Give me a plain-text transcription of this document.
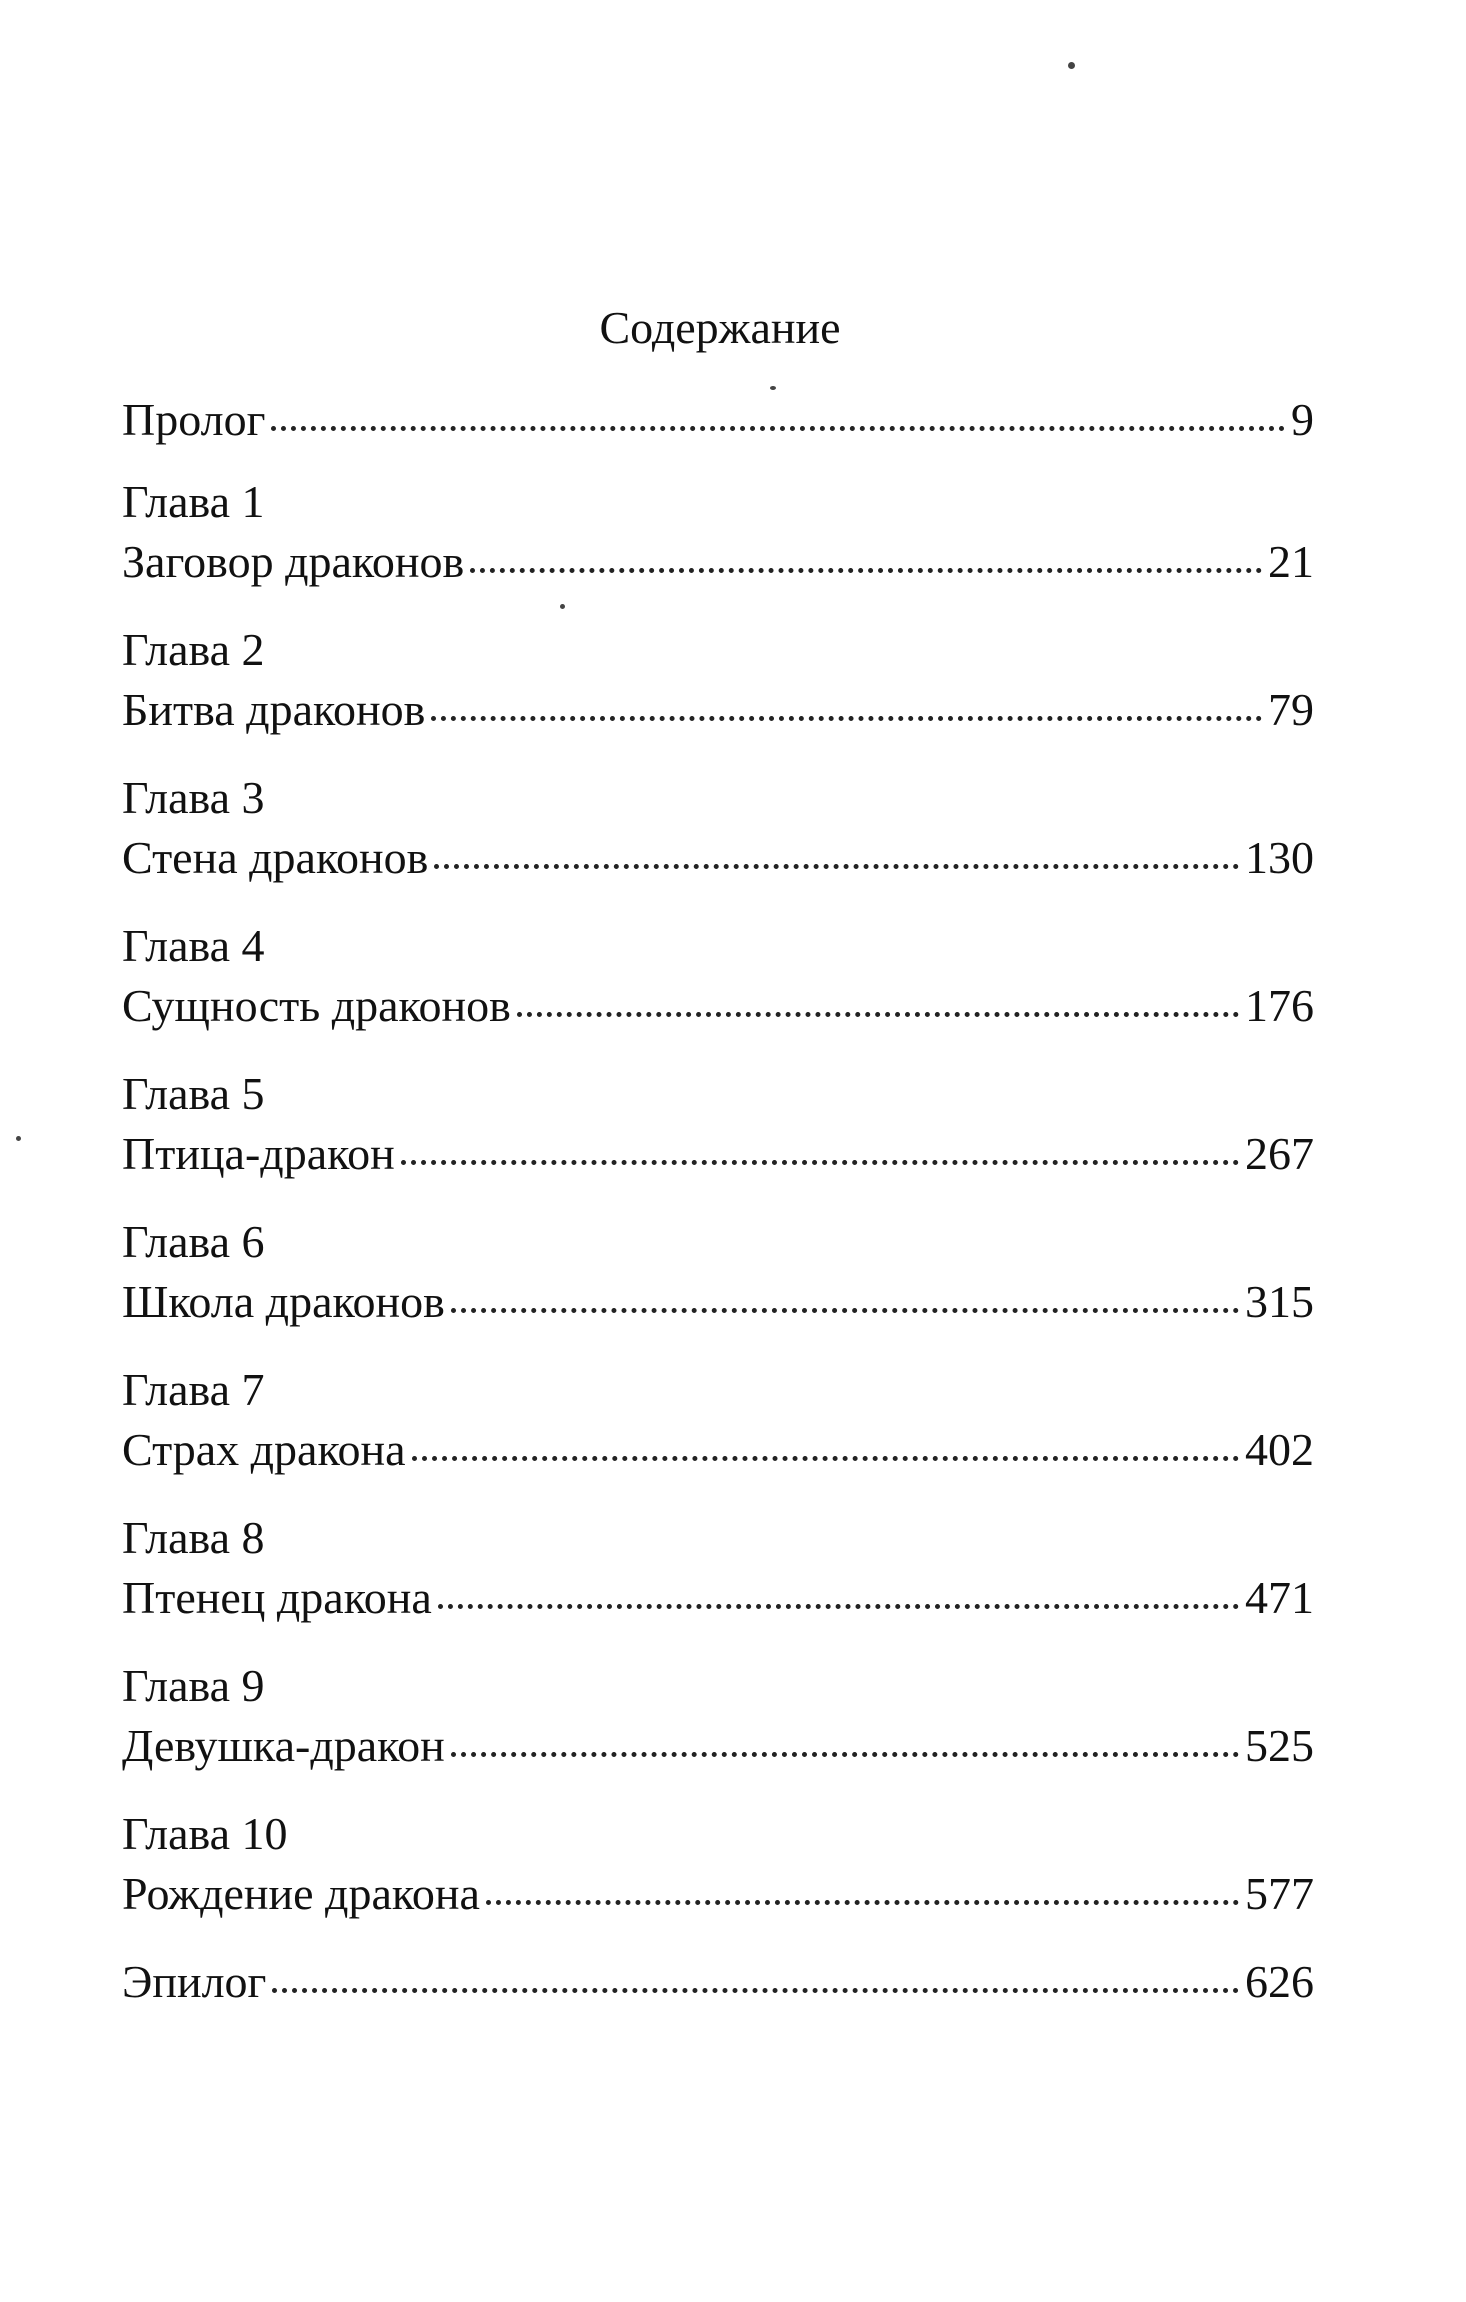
Содержание
Пролог	9
Глава 1
Заговор драконов	21
Глава 2
Битва драконов	79
Глава 3
Стена драконов	130
Глава 4
Сущность драконов	176
Глава 5
Птица-дракон	267
Глава 6
Школа драконов	315
Глава 7
Страх дракона	402
Глава 8
Птенец дракона	471
Глава 9
Девушка-дракон	525
Глава 10
Рождение дракона	577
Эпилог	626
